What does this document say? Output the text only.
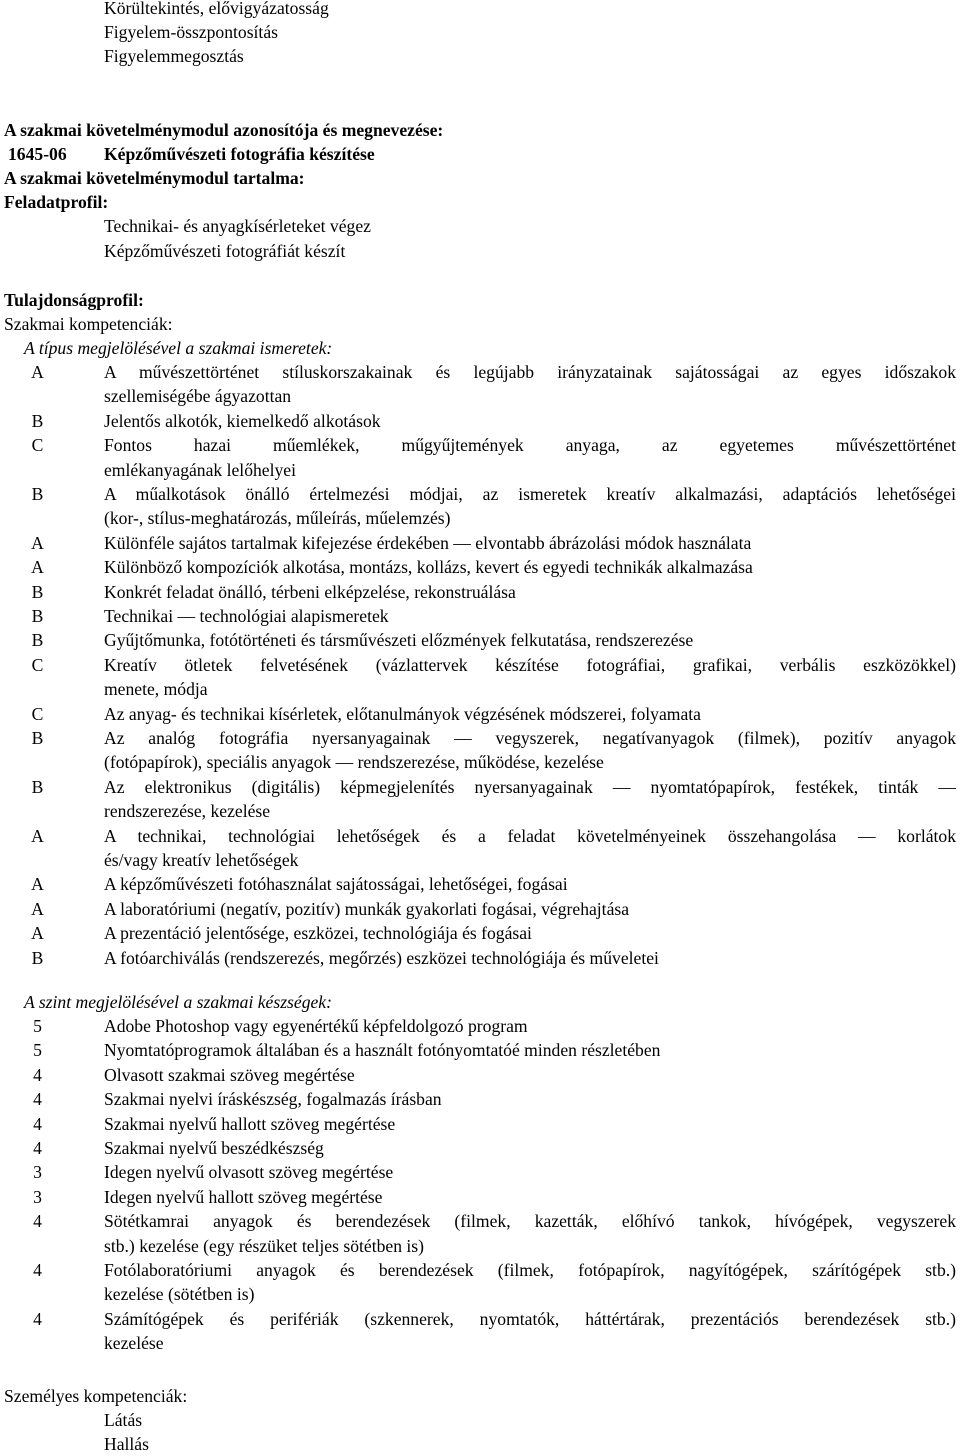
Körültekintés, elővigyázatosság
Figyelem-összpontosítás
Figyelemmegosztás
A szakmai követelménymodul azonosítója és megnevezése:
1645-06 Képzőművészeti fotográfia készítése
A szakmai követelménymodul tartalma:
Feladatprofil:
Technikai- és anyagkísérleteket végez
Képzőművészeti fotográfiát készít
Tulajdonságprofil:
Szakmai kompetenciák:
A típus megjelölésével a szakmai ismeretek:
A	A művészettörténet stíluskorszakainak és legújabb irányzatainak sajátosságai az egyes időszakok
szellemiségébe ágyazottan
B	Jelentős alkotók, kiemelkedő alkotások
C	Fontos hazai műemlékek, műgyűjtemények anyaga, az egyetemes művészettörténet
emlékanyagának lelőhelyei
B	A műalkotások önálló értelmezési módjai, az ismeretek kreatív alkalmazási, adaptációs lehetőségei
(kor-, stílus-meghatározás, műleírás, műelemzés)
A	Különféle sajátos tartalmak kifejezése érdekében — elvontabb ábrázolási módok használata
A	Különböző kompozíciók alkotása, montázs, kollázs, kevert és egyedi technikák alkalmazása
B	Konkrét feladat önálló, térbeni elképzelése, rekonstruálása
B	Technikai — technológiai alapismeretek
B	Gyűjtőmunka, fotótörténeti és társművészeti előzmények felkutatása, rendszerezése
C	Kreatív ötletek felvetésének (vázlattervek készítése fotográfiai, grafikai, verbális eszközökkel)
menete, módja
C	Az anyag- és technikai kísérletek, előtanulmányok végzésének módszerei, folyamata
B	Az analóg fotográfia nyersanyagainak — vegyszerek, negatívanyagok (filmek), pozitív anyagok
(fotópapírok), speciális anyagok — rendszerezése, működése, kezelése
B	Az elektronikus (digitális) képmegjelenítés nyersanyagainak — nyomtatópapírok, festékek, tinták —
rendszerezése, kezelése
A	A technikai, technológiai lehetőségek és a feladat követelményeinek összehangolása — korlátok
és/vagy kreatív lehetőségek
A	A képzőművészeti fotóhasználat sajátosságai, lehetőségei, fogásai
A	A laboratóriumi (negatív, pozitív) munkák gyakorlati fogásai, végrehajtása
A	A prezentáció jelentősége, eszközei, technológiája és fogásai
B	A fotóarchiválás (rendszerezés, megőrzés) eszközei technológiája és műveletei
A szint megjelölésével a szakmai készségek:
5	Adobe Photoshop vagy egyenértékű képfeldolgozó program
5	Nyomtatóprogramok általában és a használt fotónyomtatóé minden részletében
4	Olvasott szakmai szöveg megértése
4	Szakmai nyelvi íráskészség, fogalmazás írásban
4	Szakmai nyelvű hallott szöveg megértése
4	Szakmai nyelvű beszédkészség
3	Idegen nyelvű olvasott szöveg megértése
3	Idegen nyelvű hallott szöveg megértése
4	Sötétkamrai anyagok és berendezések (filmek, kazetták, előhívó tankok, hívógépek, vegyszerek
stb.) kezelése (egy részüket teljes sötétben is)
4	Fotólaboratóriumi anyagok és berendezések (filmek, fotópapírok, nagyítógépek, szárítógépek stb.)
kezelése (sötétben is)
4	Számítógépek és perifériák (szkennerek, nyomtatók, háttértárak, prezentációs berendezések stb.)
kezelése
Személyes kompetenciák:
Látás
Hallás
